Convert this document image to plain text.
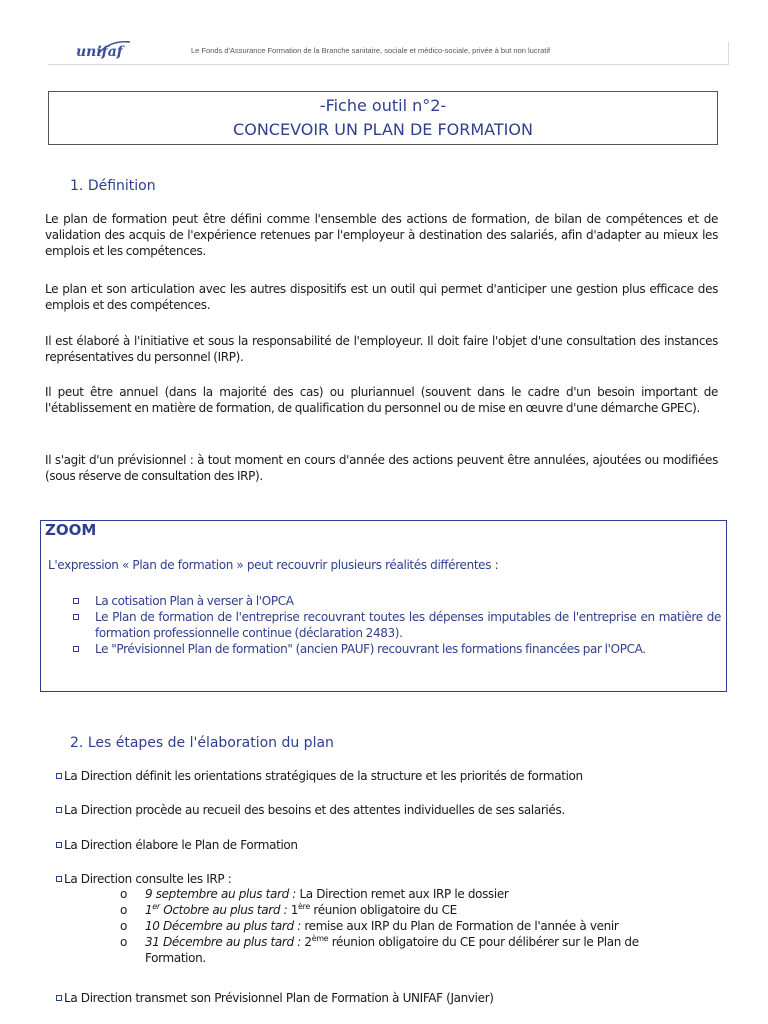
unifaf	Le Fonds d'Assurance Formation de la Branche sanitaire, sociale et médico-sociale, privée à but non lucratif
-Fiche outil n°2-
CONCEVOIR UN PLAN DE FORMATION
1. Définition
Le plan de formation peut être défini comme l'ensemble des actions de formation, de bilan de compétences et de validation des acquis de l'expérience retenues par l'employeur à destination des salariés, afin d'adapter au mieux les emplois et les compétences.
Le plan et son articulation avec les autres dispositifs est un outil qui permet d'anticiper une gestion plus efficace des emplois et des compétences.
Il est élaboré à l'initiative et sous la responsabilité de l'employeur. Il doit faire l'objet d'une consultation des instances représentatives du personnel (IRP).
Il peut être annuel (dans la majorité des cas) ou pluriannuel (souvent dans le cadre d'un besoin important de l'établissement en matière de formation, de qualification du personnel ou de mise en œuvre d'une démarche GPEC).
Il s'agit d'un prévisionnel : à tout moment en cours d'année des actions peuvent être annulées, ajoutées ou modifiées (sous réserve de consultation des IRP).
ZOOM
L'expression « Plan de formation » peut recouvrir plusieurs réalités différentes :
La cotisation Plan à verser à l'OPCA
Le Plan de formation de l'entreprise recouvrant toutes les dépenses imputables de l'entreprise en matière de formation professionnelle continue (déclaration 2483).
Le "Prévisionnel Plan de formation" (ancien PAUF) recouvrant les formations financées par l'OPCA.
2. Les étapes de l'élaboration du plan
La Direction définit les orientations stratégiques de la structure et les priorités de formation
La Direction procède au recueil des besoins et des attentes individuelles de ses salariés.
La Direction élabore le Plan de Formation
La Direction consulte les IRP :
o 9 septembre au plus tard : La Direction remet aux IRP le dossier
o 1er Octobre au plus tard : 1ère réunion obligatoire du CE
o 10 Décembre au plus tard : remise aux IRP du Plan de Formation de l'année à venir
o 31 Décembre au plus tard : 2ème réunion obligatoire du CE pour délibérer sur le Plan de Formation.
La Direction transmet son Prévisionnel Plan de Formation à UNIFAF (Janvier)
